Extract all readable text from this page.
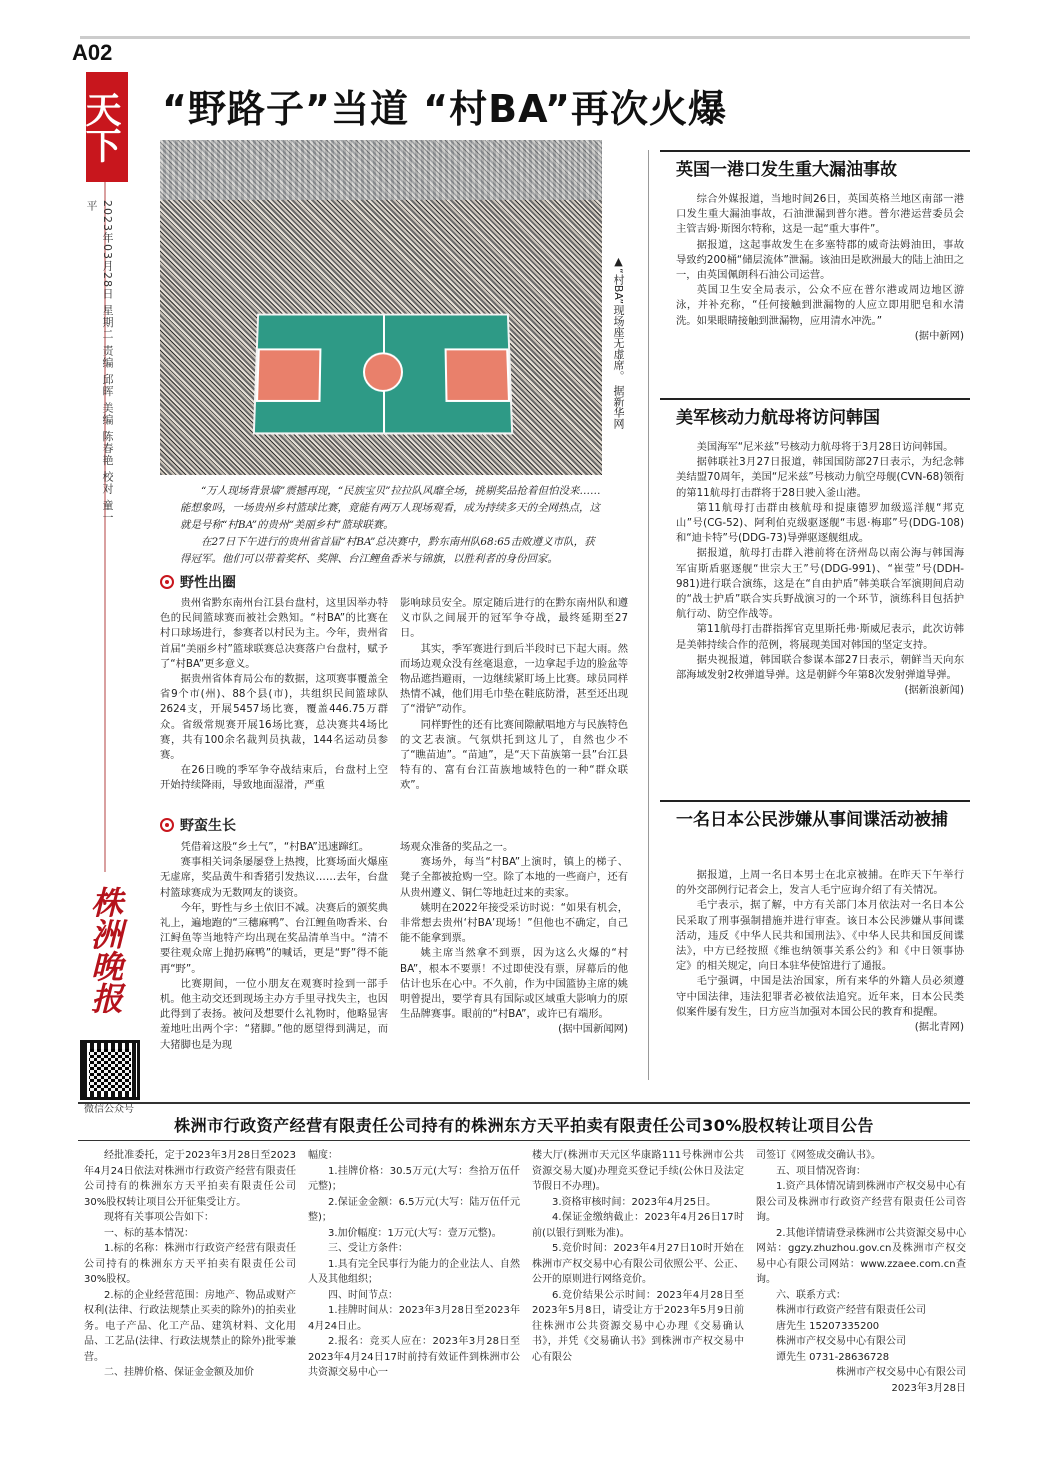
A02
天下
2023年03月28日 星期二 责编 邱晖 美编 陈春艳 校对 童一平
株洲晚报
微信公众号
“野路子”当道 “村BA”再次火爆
▲“村BA”现场座无虚席。 据新华网

“万人现场背景墙”震撼再现，“民族宝贝”拉拉队风靡全场，挑剔奖品抢着但怕没来……能想象吗，一场贵州乡村篮球比赛，竟能有两万人现场观看，成为持续多天的全网热点，这就是号称“村BA”的贵州“美丽乡村”篮球联赛。

在27日下午进行的贵州省首届“村BA”总决赛中，黔东南州队68:65击败遵义市队，获得冠军。他们可以带着奖杯、奖牌、台江鲤鱼香米与锦旗，以胜利者的身份回家。

野性出圈

贵州省黔东南州台江县台盘村，这里因举办特色的民间篮球赛而被社会熟知。“村BA”的比赛在村口球场进行，参赛者以村民为主。今年，贵州省首届“美丽乡村”篮球联赛总决赛落户台盘村，赋予了“村BA”更多意义。

据贵州省体育局公布的数据，这项赛事覆盖全省9个市(州)、88个县(市)，共组织民间篮球队2624支，开展5457场比赛，覆盖446.75万群众。省级常规赛开展16场比赛，总决赛共4场比赛，共有100余名裁判员执裁，144名运动员参赛。

在26日晚的季军争夺战结束后，台盘村上空开始持续降雨，导致地面湿滑，严重

影响球员安全。原定随后进行的在黔东南州队和遵义市队之间展开的冠军争夺战，最终延期至27日。

其实，季军赛进行到后半段时已下起大雨。然而场边观众没有丝毫退意，一边拿起手边的脸盆等物品遮挡避雨，一边继续紧盯场上比赛。球员同样热情不减，他们用毛巾垫在鞋底防滑，甚至还出现了“滑铲”动作。

同样野性的还有比赛间隙献唱地方与民族特色的文艺表演。气氛烘托到这儿了，自然也少不了“瞧苗迪”。“苗迪”，是“天下苗族第一县”台江县特有的、富有台江苗族地域特色的一种“群众联欢”。

野蛮生长

凭借着这股“乡土气”，“村BA”迅速蹿红。

赛事相关词条屡屡登上热搜，比赛场面火爆座无虚席，奖品黄牛和香猪引发热议……去年，台盘村篮球赛成为无数网友的谈资。

今年，野性与乡土依旧不减。决赛后的颁奖典礼上，遍地跑的“三穗麻鸭”、台江鲤鱼吻香米、台江鲟鱼等当地特产均出现在奖品清单当中。“清不要往观众席上抛扔麻鸭”的喊话，更是“野”得不能再“野”。

比赛期间，一位小朋友在观赛时捡到一部手机。他主动交还到现场主办方手里寻找失主，也因此得到了表扬。被问及想要什么礼物时，他略显害羞地吐出两个字：“猪脚。”他的愿望得到满足，而大猪脚也是为现

场观众准备的奖品之一。

赛场外，每当“村BA”上演时，镇上的梯子、凳子全都被抢购一空。除了本地的一些商户，还有从贵州遵义、铜仁等地赶过来的卖家。

姚明在2022年接受采访时说：“如果有机会，非常想去贵州‘村BA’现场！”但他也不确定，自己能不能拿到票。

姚主席当然拿不到票，因为这么火爆的“村BA”，根本不要票！不过即使没有票，屏幕后的他估计也乐在心中。不久前，作为中国篮协主席的姚明曾提出，要学育具有国际或区域重大影响力的原生品牌赛事。眼前的“村BA”，或许已有端形。

(据中国新闻网)

英国一港口发生重大漏油事故

综合外媒报道，当地时间26日，英国英格兰地区南部一港口发生重大漏油事故，石油泄漏到普尔港。普尔港运营委员会主管吉姆·斯图尔特称，这是一起“重大事件”。

据报道，这起事故发生在多塞特郡的威奇法姆油田，事故导致约200桶“储层流体”泄漏。该油田是欧洲最大的陆上油田之一，由英国佩朗科石油公司运营。

英国卫生安全局表示，公众不应在普尔港或周边地区游泳，并补充称，“任何接触到泄漏物的人应立即用肥皂和水清洗。如果眼睛接触到泄漏物，应用清水冲洗。”

(据中新网)

美军核动力航母将访问韩国

美国海军“尼米兹”号核动力航母将于3月28日访问韩国。

据韩联社3月27日报道，韩国国防部27日表示，为纪念韩美结盟70周年，美国“尼米兹”号核动力航空母舰(CVN-68)领衔的第11航母打击群将于28日驶入釜山港。

第11航母打击群由核航母和提康德罗加级巡洋舰“邦克山”号(CG-52)、阿利伯克级驱逐舰“韦恩·梅耶”号(DDG-108)和“迪卡特”号(DDG-73)导弹驱逐舰组成。

据报道，航母打击群入港前将在济州岛以南公海与韩国海军宙斯盾驱逐舰“世宗大王”号(DDG-991)、“崔莹”号(DDH-981)进行联合演练，这是在“自由护盾”韩美联合军演期间启动的“战士护盾”联合实兵野战演习的一个环节，演练科目包括护航行动、防空作战等。

第11航母打击群指挥官克里斯托弗·斯威尼表示，此次访韩是美韩持续合作的范例，将展现美国对韩国的坚定支持。

据央视报道，韩国联合参谋本部27日表示，朝鲜当天向东部海域发射2枚弹道导弹。这是朝鲜今年第8次发射弹道导弹。

(据新浪新闻)

一名日本公民涉嫌从事间谍活动被捕

据报道，上周一名日本男士在北京被捕。在昨天下午举行的外交部例行记者会上，发言人毛宁应询介绍了有关情况。

毛宁表示，据了解，中方有关部门本月依法对一名日本公民采取了刑事强制措施并进行审查。该日本公民涉嫌从事间谍活动，违反《中华人民共和国刑法》、《中华人民共和国反间谍法》，中方已经按照《维也纳领事关系公约》和《中日领事协定》的相关规定，向日本驻华使馆进行了通报。

毛宁强调，中国是法治国家，所有来华的外籍人员必须遵守中国法律，违法犯罪者必被依法追究。近年来，日本公民类似案件屡有发生，日方应当加强对本国公民的教育和提醒。

(据北青网)

株洲市行政资产经营有限责任公司持有的株洲东方天平拍卖有限责任公司30%股权转让项目公告

经批准委托，定于2023年3月28日至2023年4月24日依法对株洲市行政资产经营有限责任公司持有的株洲东方天平拍卖有限责任公司30%股权转让项目公开征集受让方。

现将有关事项公告如下：

一、标的基本情况：

1.标的名称：株洲市行政资产经营有限责任公司持有的株洲东方天平拍卖有限责任公司30%股权。

2.标的企业经营范围：房地产、物品或财产权利(法律、行政法规禁止买卖的除外)的拍卖业务。电子产品、化工产品、建筑材料、文化用品、工艺品(法律、行政法规禁止的除外)批零兼营。

二、挂牌价格、保证金金额及加价

幅度：

1.挂牌价格：30.5万元(大写：叁拾万伍仟元整)；

2.保证金金额：6.5万元(大写：陆万伍仟元整)；

3.加价幅度：1万元(大写：壹万元整)。

三、受让方条件：

1.具有完全民事行为能力的企业法人、自然人及其他组织；

四、时间节点：

1.挂牌时间从：2023年3月28日至2023年4月24日止。

2.报名：竞买人应在：2023年3月28日至2023年4月24日17时前持有效证件到株洲市公共资源交易中心一

楼大厅(株洲市天元区华康路111号株洲市公共资源交易大厦)办理竞买登记手续(公休日及法定节假日不办理)。

3.资格审核时间：2023年4月25日。

4.保证金缴纳截止：2023年4月26日17时前(以银行到账为准)。

5.竞价时间：2023年4月27日10时开始在株洲市产权交易中心有限公司依照公平、公正、公开的原则进行网络竞价。

6.竞价结果公示时间：2023年4月28日至2023年5月8日，请受让方于2023年5月9日前往株洲市公共资源交易中心办理《交易确认书》，并凭《交易确认书》到株洲市产权交易中心有限公

司签订《网签成交确认书》。

五、项目情况咨询：

1.资产具体情况请到株洲市产权交易中心有限公司及株洲市行政资产经营有限责任公司咨询。

2.其他详情请登录株洲市公共资源交易中心网站：ggzy.zhuzhou.gov.cn及株洲市产权交易中心有限公司网站：www.zzaee.com.cn查询。

六、联系方式：

株洲市行政资产经营有限责任公司

唐先生 15207335200

株洲市产权交易中心有限公司

谭先生 0731-28636728

株洲市产权交易中心有限公司

2023年3月28日
